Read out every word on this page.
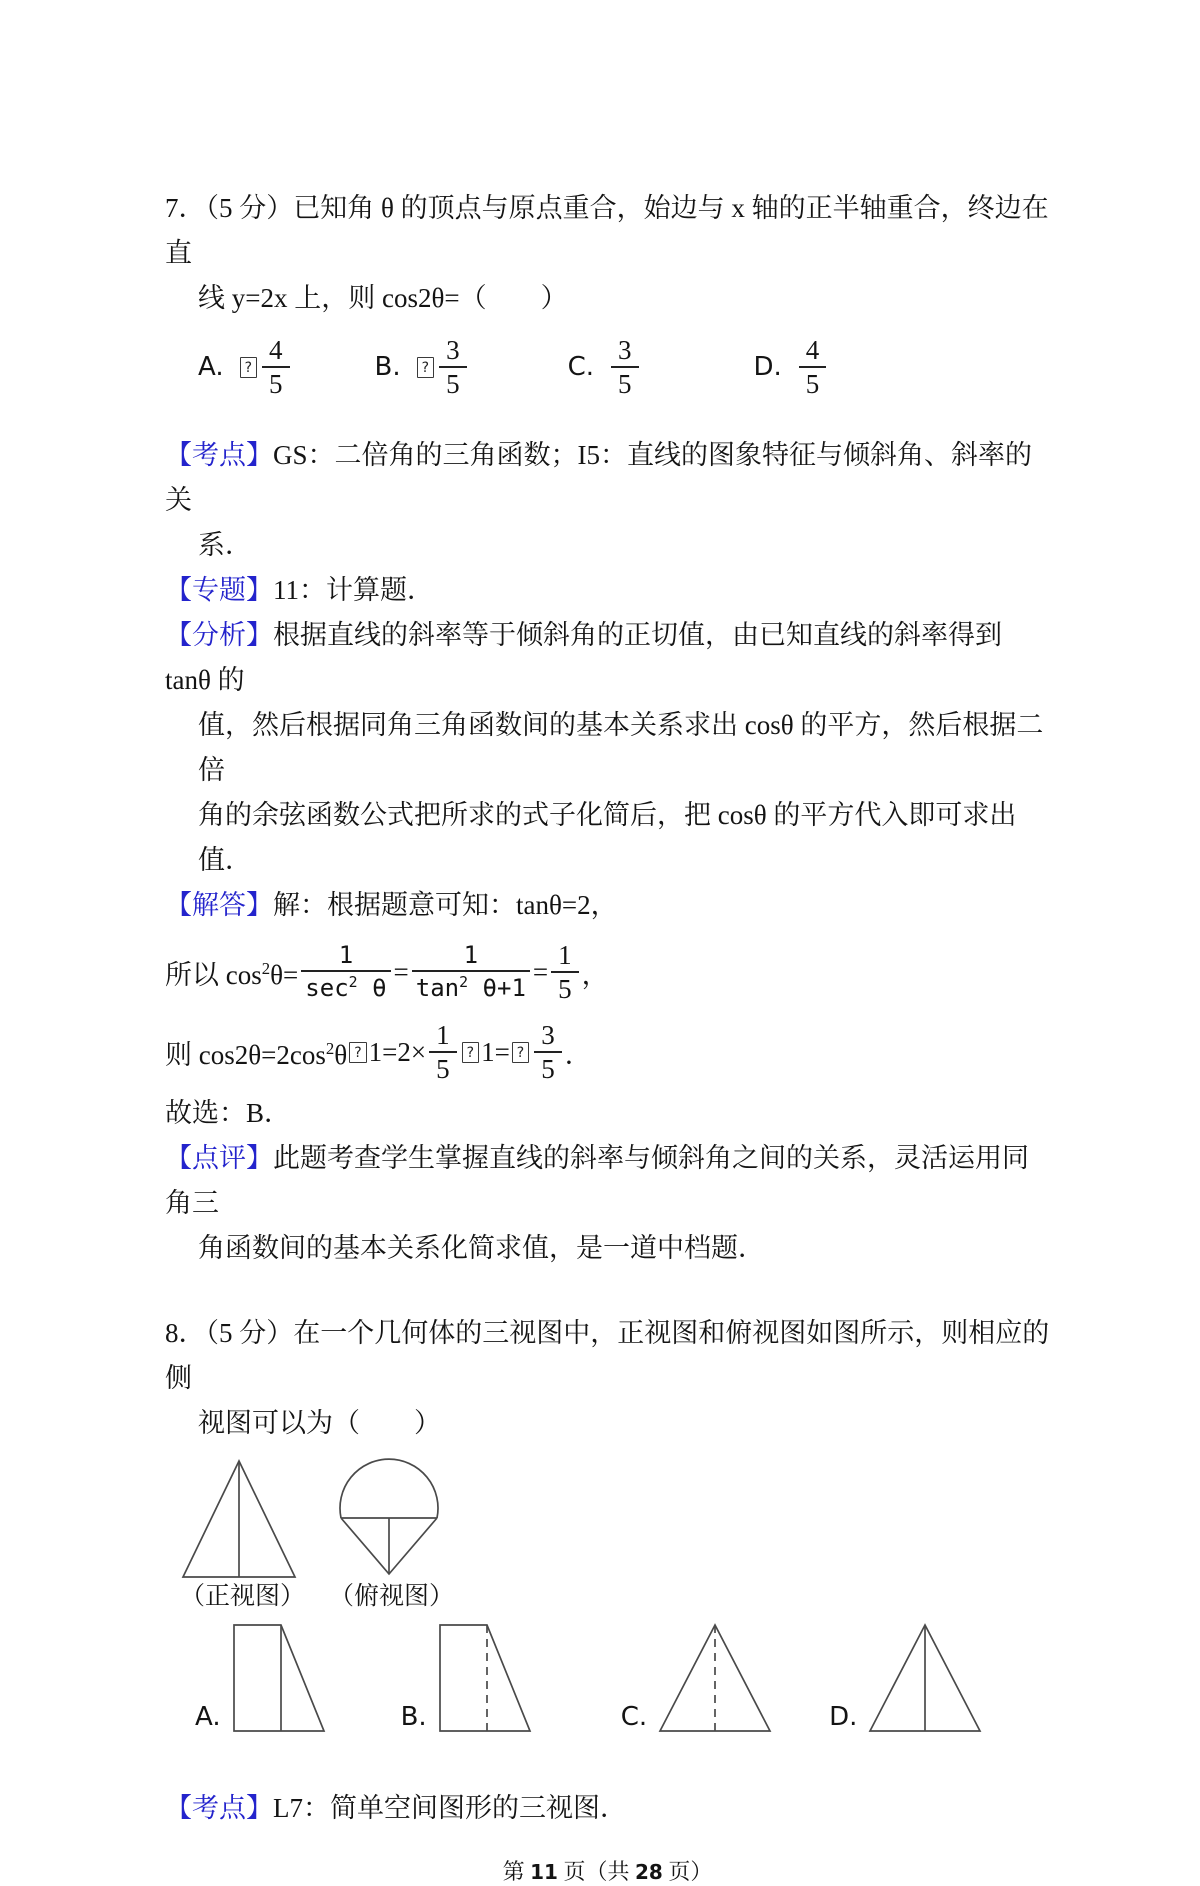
7．（5 分）已知角 θ 的顶点与原点重合，始边与 x 轴的正半轴重合，终边在直
线 y=2x 上，则 cos2θ=（　　）
A.	? $\frac{4}{5}$	B.	? $\frac{3}{5}$	C. $\frac{3}{5}$	D. $\frac{4}{5}$
【考点】GS：二倍角的三角函数；I5：直线的图象特征与倾斜角、斜率的关
系．
【专题】11：计算题．
【分析】根据直线的斜率等于倾斜角的正切值，由已知直线的斜率得到 tanθ 的
值，然后根据同角三角函数间的基本关系求出 cosθ 的平方，然后根据二倍
角的余弦函数公式把所求的式子化简后，把 cosθ 的平方代入即可求出值．
【解答】解：根据题意可知：tanθ=2，
所以 $\cos^2\theta= \frac{1}{\sec^2 \theta} = \frac{1}{\tan^2 \theta+1} = \frac{1}{5}$ ，
则 $\cos 2\theta=2\cos^2\theta$ ? $1=2\times \frac{1}{5}$ ? 1= ? $\frac{3}{5}$ ．
故选：B．
【点评】此题考查学生掌握直线的斜率与倾斜角之间的关系，灵活运用同角三
角函数间的基本关系化简求值，是一道中档题．
8．（5 分）在一个几何体的三视图中，正视图和俯视图如图所示，则相应的侧
视图可以为（　　）
（正视图） （俯视图）
A.	B.	C.	D.
【考点】L7：简单空间图形的三视图．
第 11 页（共 28 页）
